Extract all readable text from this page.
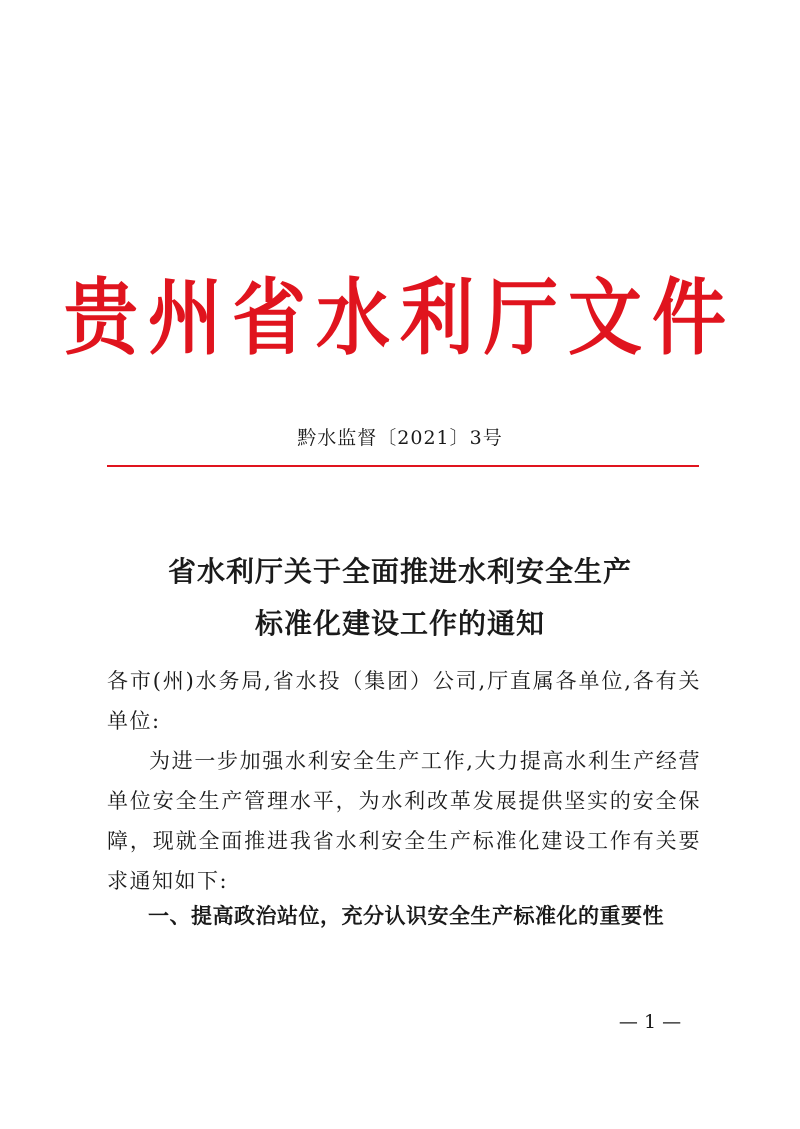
贵州省水利厅文件
黔水监督〔2021〕3号
省水利厅关于全面推进水利安全生产
标准化建设工作的通知

各市(州)水务局,省水投（集团）公司,厅直属各单位,各有关单位:

为进一步加强水利安全生产工作,大力提高水利生产经营单位安全生产管理水平，为水利改革发展提供坚实的安全保障，现就全面推进我省水利安全生产标准化建设工作有关要求通知如下:

一、提高政治站位，充分认识安全生产标准化的重要性
— 1 —
